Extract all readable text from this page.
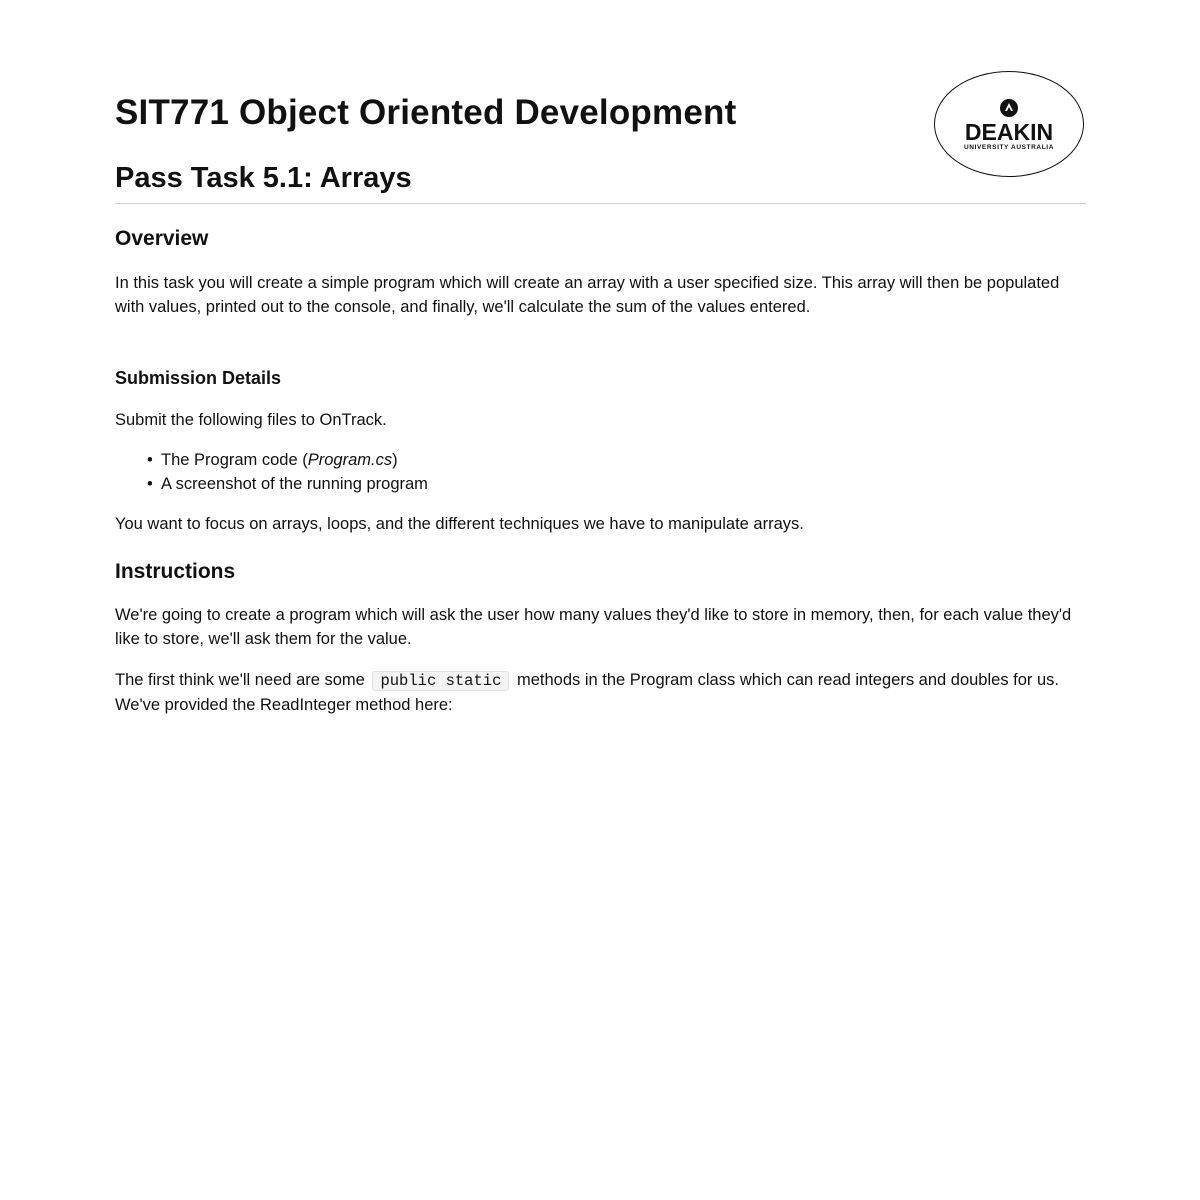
SIT771 Object Oriented Development	DEAKIN
UNIVERSITY AUSTRALIA
Pass Task 5.1: Arrays
Overview

In this task you will create a simple program which will create an array with a user specified size. This array will then be populated with values, printed out to the console, and finally, we'll calculate the sum of the values entered.

Submission Details

Submit the following files to OnTrack.

• The Program code (Program.cs)
• A screenshot of the running program

You want to focus on arrays, loops, and the different techniques we have to manipulate arrays.

Instructions

We're going to create a program which will ask the user how many values they'd like to store in memory, then, for each value they'd like to store, we'll ask them for the value.

The first think we'll need are some public static methods in the Program class which can read integers and doubles for us. We've provided the ReadInteger method here:
